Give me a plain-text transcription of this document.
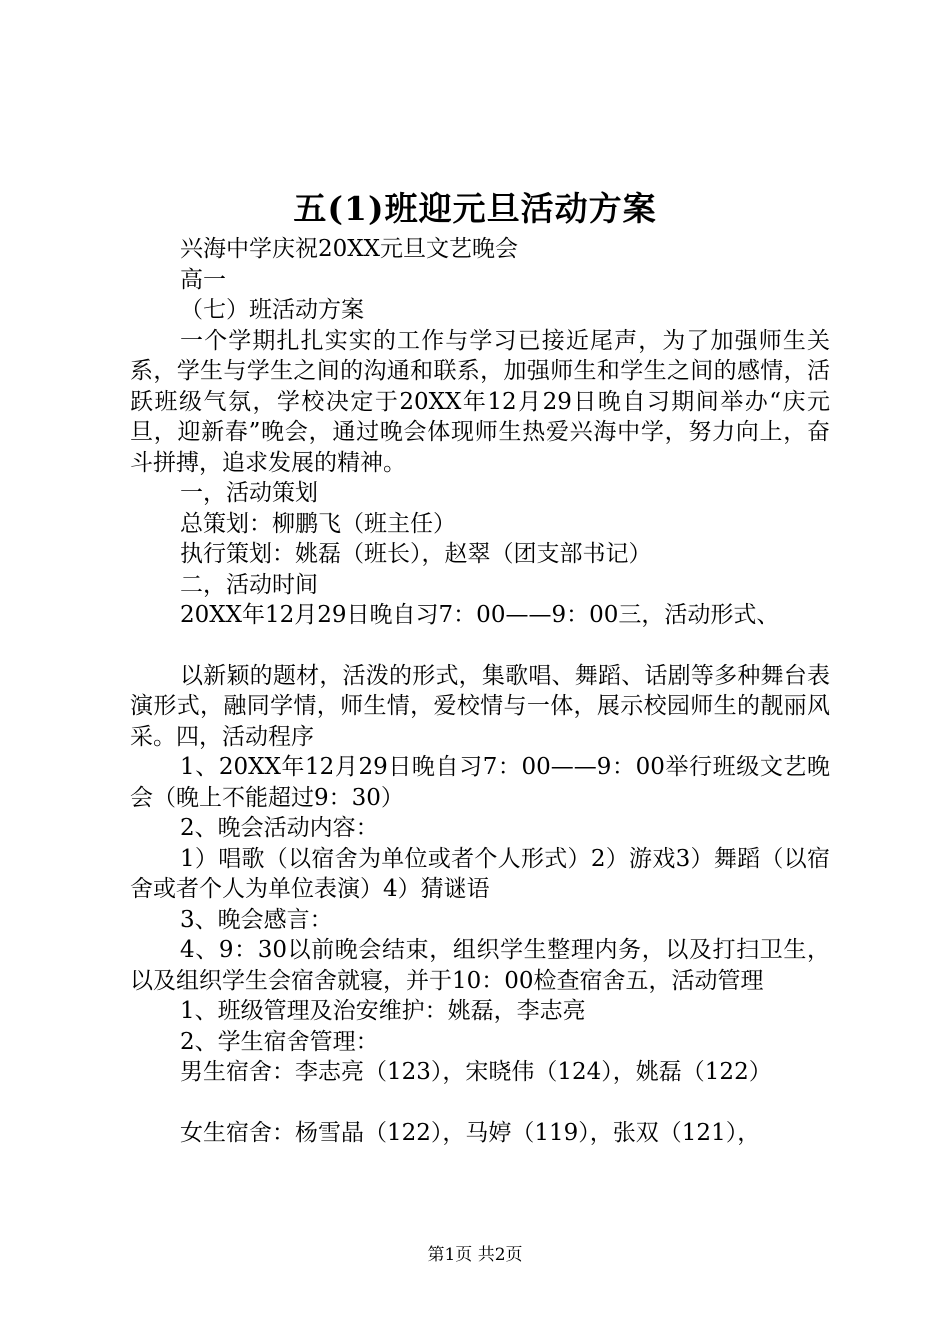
五(1)班迎元旦活动方案

兴海中学庆祝20XX元旦文艺晚会

高一

（七）班活动方案

一个学期扎扎实实的工作与学习已接近尾声，为了加强师生关系，学生与学生之间的沟通和联系，加强师生和学生之间的感情，活跃班级气氛，学校决定于20XX年12月29日晚自习期间举办“庆元旦，迎新春”晚会，通过晚会体现师生热爱兴海中学，努力向上，奋斗拼搏，追求发展的精神。

一，活动策划

总策划：柳鹏飞（班主任）

执行策划：姚磊（班长），赵翠（团支部书记）

二，活动时间

20XX年12月29日晚自习7：00——9：00三，活动形式、

以新颖的题材，活泼的形式，集歌唱、舞蹈、话剧等多种舞台表演形式，融同学情，师生情，爱校情与一体，展示校园师生的靓丽风采。四，活动程序

1、20XX年12月29日晚自习7：00——9：00举行班级文艺晚会（晚上不能超过9：30）

2、晚会活动内容：

1）唱歌（以宿舍为单位或者个人形式）2）游戏3）舞蹈（以宿舍或者个人为单位表演）4）猜谜语

3、晚会感言：

4、9：30以前晚会结束，组织学生整理内务，以及打扫卫生，以及组织学生会宿舍就寝，并于10：00检查宿舍五，活动管理

1、班级管理及治安维护：姚磊，李志亮

2、学生宿舍管理：

男生宿舍：李志亮（123），宋晓伟（124），姚磊（122）

女生宿舍：杨雪晶（122），马婷（119），张双（121），

第1页 共2页
